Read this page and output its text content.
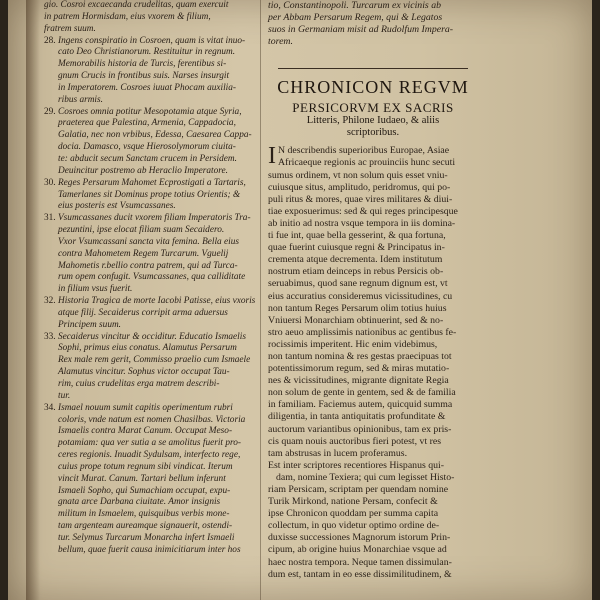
gio. Cosroi excaecanda crudelitas, quam exercuit
in patrem Hormisdam, eius vxorem & filium,
fratrem suum.
28. Ingens conspiratio in Cosroen, quam is vitat inuo-
cato Deo Christianorum. Restituitur in regnum.
Memorabilis historia de Turcis, ferentibus si-
gnum Crucis in frontibus suis. Narses insurgit
in Imperatorem. Cosroes iuuat Phocam auxilia-
ribus armis.
29. Cosroes omnia potitur Mesopotamia atque Syria,
praeterea que Palestina, Armenia, Cappadocia,
Galatia, nec non vrbibus, Edessa, Caesarea Cappa-
docia. Damasco, vsque Hierosolymorum ciuita-
te: abducit secum Sanctam crucem in Persidem.
Deuincitur postremo ab Heraclio Imperatore.
30. Reges Persarum Mahomet Ecprostigati a Tartaris,
Tamerlanes sit Dominus prope totius Orientis; &
eius posteris est Vsumcassanes.
31. Vsumcassanes ducit vxorem filiam Imperatoris Tra-
pezuntini, ipse elocat filiam suam Secaidero.
Vxor Vsumcassani sancta vita femina. Bella eius
contra Mahometem Regem Turcarum. Vguelij
Mahometis r.bellio contra patrem, qui ad Turca-
rum opem confugit. Vsumcassanes, qua calliditate
in filium vsus fuerit.
32. Historia Tragica de morte Iacobi Patisse, eius vxoris
atque filij. Secaiderus corripit arma aduersus
Principem suum.
33. Secaiderus vincitur & occiditur. Educatio Ismaelis
Sophi, primus eius conatus. Alamutus Persarum
Rex male rem gerit, Commisso praelio cum Ismaele
Alamutus vincitur. Sophus victor occupat Tau-
rim, cuius crudelitas erga matrem describi-
tur.
34. Ismael nouum sumit capitis operimentum rubri
coloris, vnde natum est nomen Chasilbas. Victoria
Ismaelis contra Marat Canum. Occupat Meso-
potamiam: qua ver sutia a se amolitus fuerit pro-
ceres regionis. Inuadit Sydulsam, interfecto rege,
cuius prope totum regnum sibi vindicat. Iterum
vincit Murat. Canum. Tartari bellum inferunt
Ismaeli Sopho, qui Sumachiam occupat, expu-
gnata arce Darbana ciuitate. Amor insignis
militum in Ismaelem, quisquibus verbis mone-
tam argenteam aureamque signauerit, ostendi-
tur. Selymus Turcarum Monarcha infert Ismaeli
bellum, quae fuerit causa inimicitiarum inter hos
tio, Constantinopoli. Turcarum ex vicinis ab
per Abbam Persarum Regem, qui & Legatos
suos in Germaniam misit ad Rudolfum Impera-
torem.
CHRONICON REGVM
PERSICORVM EX SACRIS
Litteris, Philone Iudaeo, & aliis
scriptoribus.
I N describendis superioribus Europae, Asiae
Africaeque regionis ac prouinciis hunc secuti
sumus ordinem, vt non solum quis esset vniu-
cuiusque situs, amplitudo, peridromus, qui po-
puli ritus & mores, quae vires militares & diui-
tiae exposuerimus: sed & qui reges principesque
ab initio ad nostra vsque tempora in iis domina-
ti fue int, quae bella gesserint, & qua fortuna,
quae fuerint cuiusque regni & Principatus in-
crementa atque decrementa. Idem institutum
nostrum etiam deinceps in rebus Persicis ob-
seruabimus, quod sane regnum dignum est, vt
eius accuratius consideremus vicissitudines, cu
non tantum Reges Persarum olim totius huius
Vniuersi Monarchiam obtinuerint, sed & no-
stro aeuo amplissimis nationibus ac gentibus fe-
rocissimis imperitent. Hic enim videbimus,
non tantum nomina & res gestas praecipuas tot
potentissimorum regum, sed & miras mutatio-
nes & vicissitudines, migrante dignitate Regia
non solum de gente in gentem, sed & de familia
in familiam. Faciemus autem, quicquid summa
diligentia, in tanta antiquitatis profunditate &
auctorum variantibus opinionibus, tam ex pris-
cis quam nouis auctoribus fieri potest, vt res
tam abstrusas in lucem proferamus.
Est inter scriptores recentiores Hispanus qui-
dam, nomine Texiera; qui cum legisset Histo-
riam Persicam, scriptam per quendam nomine
Turik Mirkond, natione Persam, confecit &
ipse Chronicon quoddam per summa capita
collectum, in quo videtur optimo ordine de-
duxisse successiones Magnorum istorum Prin-
cipum, ab origine huius Monarchiae vsque ad
haec nostra tempora. Neque tamen dissimulan-
dum est, tantam in eo esse dissimilitudinem, &
